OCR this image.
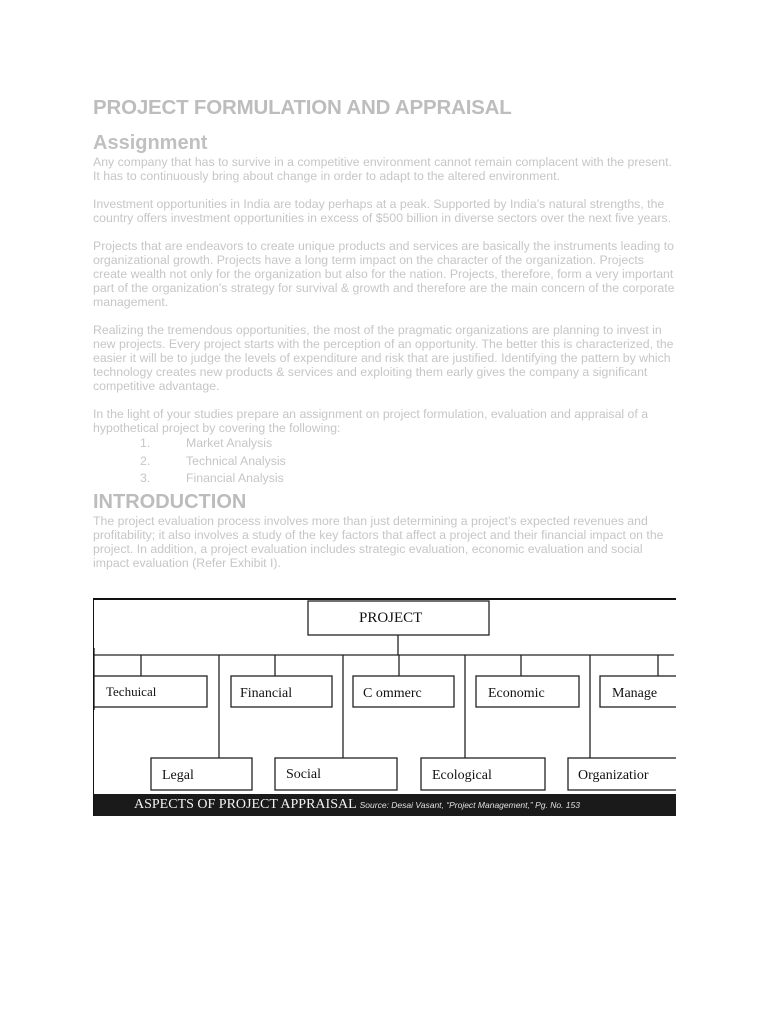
PROJECT FORMULATION AND APPRAISAL
Assignment

Any company that has to survive in a competitive environment cannot remain complacent with the present. It has to continuously bring about change in order to adapt to the altered environment.

Investment opportunities in India are today perhaps at a peak. Supported by India’s natural strengths, the country offers investment opportunities in excess of $500 billion in diverse sectors over the next five years.

Projects that are endeavors to create unique products and services are basically the instruments leading to organizational growth. Projects have a long term impact on the character of the organization. Projects create wealth not only for the organization but also for the nation. Projects, therefore, form a very important part of the organization’s strategy for survival & growth and therefore are the main concern of the corporate management.

Realizing the tremendous opportunities, the most of the pragmatic organizations are planning to invest in new projects. Every project starts with the perception of an opportunity. The better this is characterized, the easier it will be to judge the levels of expenditure and risk that are justified. Identifying the pattern by which technology creates new products & services and exploiting them early gives the company a significant competitive advantage.

In the light of your studies prepare an assignment on project formulation, evaluation and appraisal of a hypothetical project by covering the following:

1.	Market Analysis
2.	Technical Analysis
3.	Financial Analysis
INTRODUCTION

The project evaluation process involves more than just determining a project’s expected revenues and profitability; it also involves a study of the key factors that affect a project and their financial impact on the project. In addition, a project evaluation includes strategic evaluation, economic evaluation and social impact evaluation (Refer Exhibit I).

PROJECT
Techuical	Financial	C ommerc	Economic	Manage
Legal	Social	Ecological	Organizatior
ASPECTS OF PROJECT APPRAISAL Source: Desai Vasant, “Project Management,” Pg. No. 153
